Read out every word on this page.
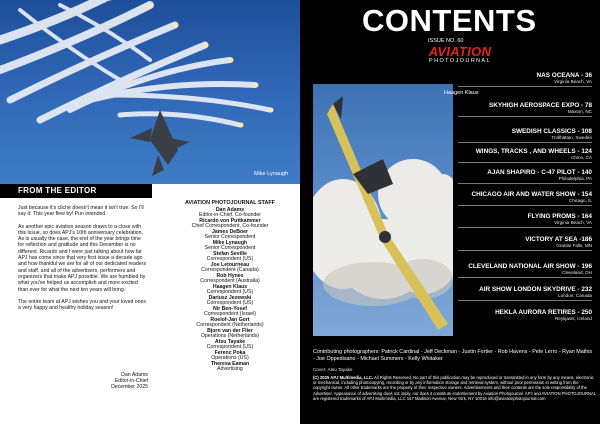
Mike Lynaugh
FROM THE EDITOR

Just because it's cliche doesn't mean it isn't true. So I'll say it: This year flew by! Pun intended.

As another epic aviation season draws to a close with this issue, so does APJ's 10th anniversary celebration. As is usually the case, the end of the year brings time for reflection and gratitude and this December is no different. Ricardo and I were just talking about how far APJ has come since that very first issue a decade ago and how thankful we are for all of our dedicated readers and staff, and all of the advertisers, performers and organizers that make APJ possible. We are humbled by what you've helped us accomplish and more excited than ever for what the next ten years will bring.

The entire team at APJ wishes you and your loved ones a very happy and healthy holiday season!

Dan Adams
Editor-in-Chief
December 2025
AVIATION PHOTOJOURNAL STAFF
Dan Adams
Editor-in-Chief, Co-founder
Ricardo von Puttkammer
Chief Correspondent, Co-founder
James DeBoer
Senior Correspondent
Mike Lynaugh
Senior Correspondent
Stefan Seville
Correspondent (US)
Joe Letourneau
Correspondent (Canada)
Rob Hynes
Correspondent (Australia)
Haagen Klaus
Correspondent (US)
Dariusz Jezewski
Correspondent (US)
Nir Ben-Yosef
Correspondent (Israel)
Roelof-Jan Gort
Correspondent (Netherlands)
Bjorn van der Flier
Operations (Netherlands)
Atsu Tayake
Correspondent (US)
Ferenc Poka
Operations (US)
Theresa Eaman
Advertising
CONTENTS
ISSUE NO. 60
AVIATION
PHOTOJOURNAL
Haagen Klaus
NAS OCEANA - 36
Virginia Beach, VA
SKYHIGH AEROSPACE EXPO - 78
Maxton, NC
SWEDISH CLASSICS - 108
Trollhättan, Sweden
WINGS, TRACKS , AND WHEELS - 124
Chino, CA
AJAN SHAPIRO - C-47 PILOT - 140
Philadelphia, PA
CHICAGO AIR AND WATER SHOW - 154
Chicago, IL
FLYING PROMS - 164
Virginia Beach, VA
VICTORY AT SEA -186
Granite Falls, MN
CLEVELAND NATIONAL AIR SHOW - 196
Cleveland, OH
AIR SHOW LONDON SKYDRIVE - 232
London, Canada
HEKLA AURORA RETIRES - 250
Reykjavik, Iceland
Contributing photographers: Patrick Cardinal - Jeff Deckman - Justin Fortier - Rob Havens - Pete Lerro - Ryan Mathis - Joe Oppedisano - Michael Summers - Kelly Whitaker
Cover: Atsu Tayake
(C) 2025 APJ Multimedia, LLC. All Rights Reserved. No part of this publication may be reproduced or transmitted in any form by any means, electronic or mechanical, including photocopying, recording or by any information storage and retrieval system, without prior permission in writing from the copyright owner. All other trademarks are the property of their respective owners. Advertisements and their contents are the sole responsibility of the Advertiser. Appearance of advertising does not imply, nor does it constitute endorsement by Aviation Photojournal. APJ and AVIATION PHOTOJOURNAL are registered trademarks of APJ Multimedia, LLC 167 Madison Avenue, New York, NY 10016 info@aviationphotojournal.com
